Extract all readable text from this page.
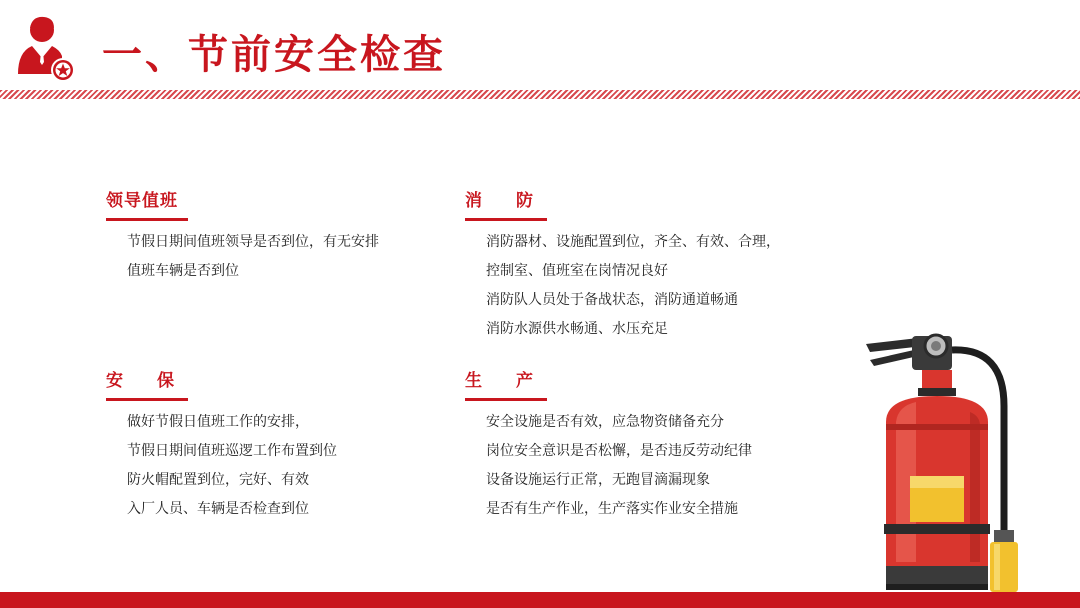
一、节前安全检查
领导值班
节假日期间值班领导是否到位，有无安排
值班车辆是否到位
消　　防
消防器材、设施配置到位，齐全、有效、合理，
控制室、值班室在岗情况良好
消防队人员处于备战状态，消防通道畅通
消防水源供水畅通、水压充足
安　　保
做好节假日值班工作的安排，
节假日期间值班巡逻工作布置到位
防火帽配置到位，完好、有效
入厂人员、车辆是否检查到位
生　　产
安全设施是否有效，应急物资储备充分
岗位安全意识是否松懈，是否违反劳动纪律
设备设施运行正常，无跑冒滴漏现象
是否有生产作业，生产落实作业安全措施
